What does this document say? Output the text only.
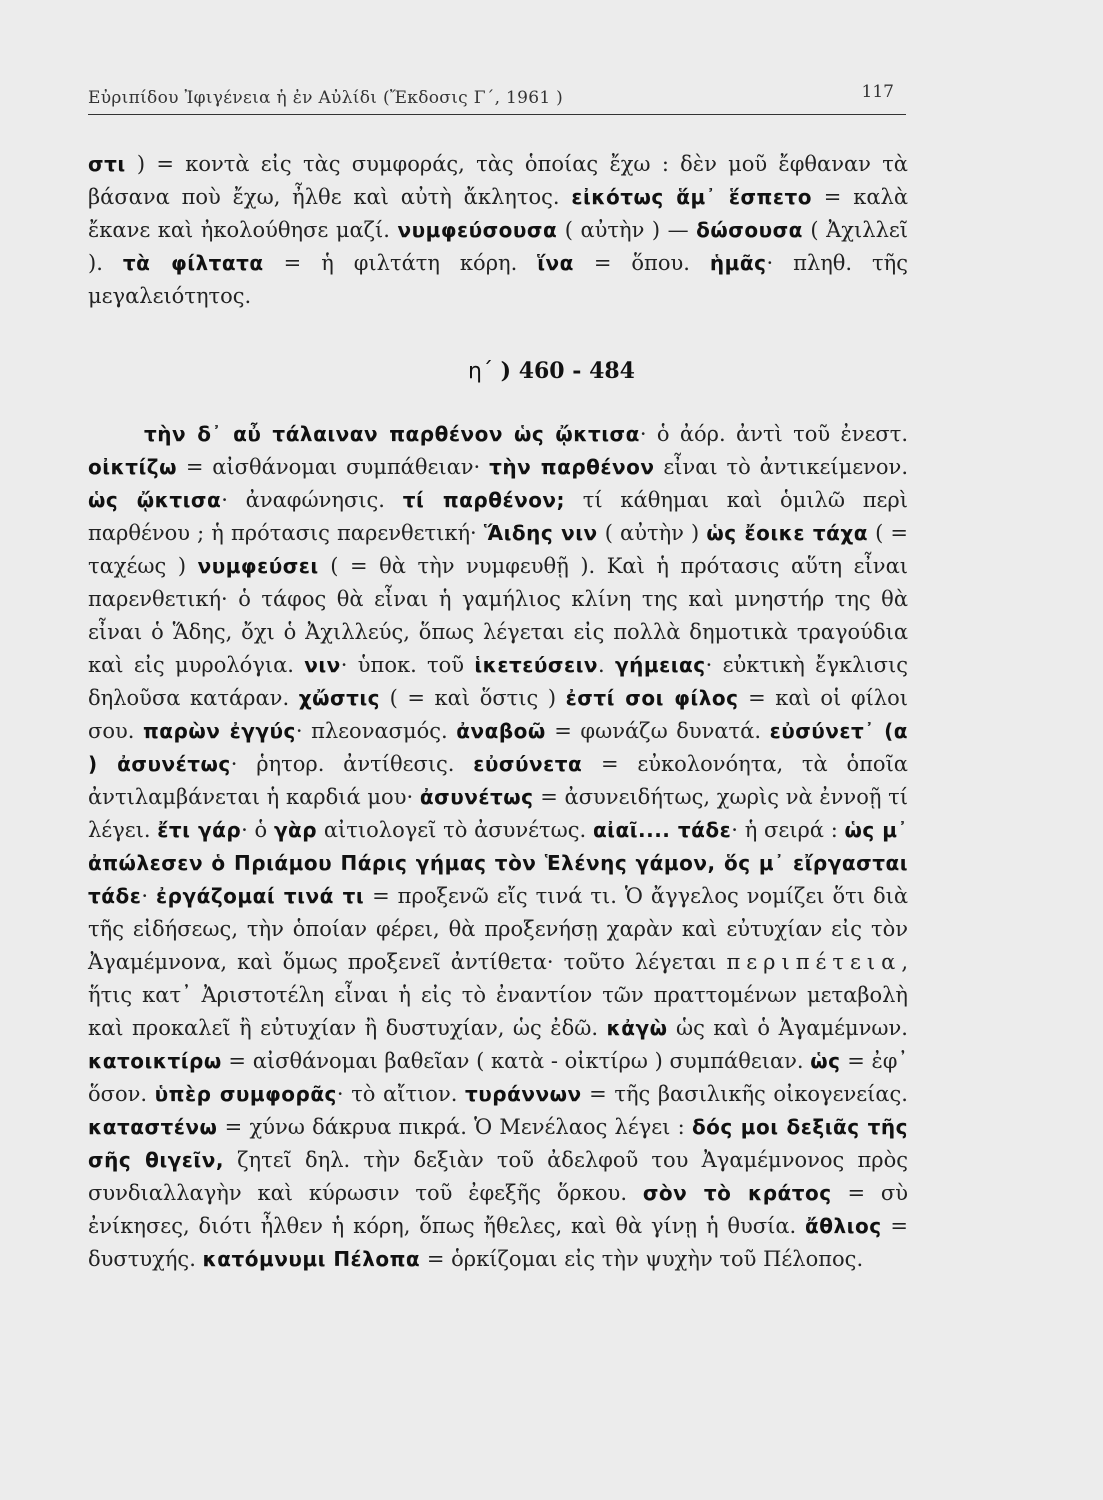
Εὐριπίδου Ἰφιγένεια ἡ ἐν Αὐλίδι (Ἔκδοσις Γ΄, 1961 )	117
στι ) = κοντὰ εἰς τὰς συμφοράς, τὰς ὁποίας ἔχω : δὲν μοῦ ἔφθαναν τὰ βάσανα ποὺ ἔχω, ἦλθε καὶ αὐτὴ ἄκλητος. εἰκότως ἅμ᾽ ἕσπετο = καλὰ ἔκανε καὶ ἠκολούθησε μαζί. νυμφεύσουσα ( αὐτὴν ) — δώσουσα ( Ἀχιλλεῖ ). τὰ φίλτατα = ἡ φιλτάτη κόρη. ἵνα = ὅπου. ἡμᾶς· πληθ. τῆς μεγαλειότητος.
η΄ ) 460 - 484
τὴν δ᾽ αὖ τάλαιναν παρθένον ὡς ᾤκτισα· ὁ ἀόρ. ἀντὶ τοῦ ἐνεστ. οἰκτίζω = αἰσθάνομαι συμπάθειαν· τὴν παρθένον εἶναι τὸ ἀντικείμενον. ὡς ᾤκτισα· ἀναφώνησις. τί παρθένον; τί κάθημαι καὶ ὁμιλῶ περὶ παρθένου ; ἡ πρότασις παρενθετική· Ἅιδης νιν ( αὐτὴν ) ὡς ἔοικε τάχα ( = ταχέως ) νυμφεύσει ( = θὰ τὴν νυμφευθῇ ). Καὶ ἡ πρότασις αὕτη εἶναι παρενθετική· ὁ τάφος θὰ εἶναι ἡ γαμήλιος κλίνη της καὶ μνηστήρ της θὰ εἶναι ὁ Ἅδης, ὄχι ὁ Ἀχιλλεύς, ὅπως λέγεται εἰς πολλὰ δημοτικὰ τραγούδια καὶ εἰς μυρολόγια. νιν· ὑποκ. τοῦ ἱκετεύσειν. γήμειας· εὐκτικὴ ἔγκλισις δηλοῦσα κατάραν. χὤστις ( = καὶ ὅστις ) ἐστί σοι φίλος = καὶ οἱ φίλοι σου. παρὼν ἐγγύς· πλεονασμός. ἀναβοῶ = φωνάζω δυνατά. εὐσύνετ᾽ (α ) ἀσυνέτως· ῥητορ. ἀντίθεσις. εὐσύνετα = εὐκολονόητα, τὰ ὁποῖα ἀντιλαμβάνεται ἡ καρδιά μου· ἀσυνέτως = ἀσυνειδήτως, χωρὶς νὰ ἐννοῇ τί λέγει. ἔτι γάρ· ὁ γὰρ αἰτιολογεῖ τὸ ἀσυνέτως. αἰαῖ.... τάδε· ἡ σειρά : ὡς μ᾽ ἀπώλεσεν ὁ Πριάμου Πάρις γήμας τὸν Ἑλένης γάμον, ὅς μ᾽ εἴργασται τάδε· ἐργάζομαί τινά τι = προξενῶ εἴς τινά τι. Ὁ ἄγγελος νομίζει ὅτι διὰ τῆς εἰδήσεως, τὴν ὁποίαν φέρει, θὰ προξενήσῃ χαρὰν καὶ εὐτυχίαν εἰς τὸν Ἀγαμέμνονα, καὶ ὅμως προξενεῖ ἀντίθετα· τοῦτο λέγεται περιπέτεια, ἥτις κατ᾽ Ἀριστοτέλη εἶναι ἡ εἰς τὸ ἐναντίον τῶν πραττομένων μεταβολὴ καὶ προκαλεῖ ἢ εὐτυχίαν ἢ δυστυχίαν, ὡς ἐδῶ. κἀγὼ ὡς καὶ ὁ Ἀγαμέμνων. κατοικτίρω = αἰσθάνομαι βαθεῖαν ( κατὰ - οἰκτίρω ) συμπάθειαν. ὡς = ἐφ᾽ ὅσον. ὑπὲρ συμφορᾶς· τὸ αἴτιον. τυράννων = τῆς βασιλικῆς οἰκογενείας. καταστένω = χύνω δάκρυα πικρά. Ὁ Μενέλαος λέγει : δός μοι δεξιᾶς τῆς σῆς θιγεῖν, ζητεῖ δηλ. τὴν δεξιὰν τοῦ ἀδελφοῦ του Ἀγαμέμνονος πρὸς συνδιαλλαγὴν καὶ κύρωσιν τοῦ ἐφεξῆς ὅρκου. σὸν τὸ κράτος = σὺ ἐνίκησες, διότι ἦλθεν ἡ κόρη, ὅπως ἤθελες, καὶ θὰ γίνῃ ἡ θυσία. ἄθλιος = δυστυχής. κατόμνυμι Πέλοπα = ὁρκίζομαι εἰς τὴν ψυχὴν τοῦ Πέλοπος.
